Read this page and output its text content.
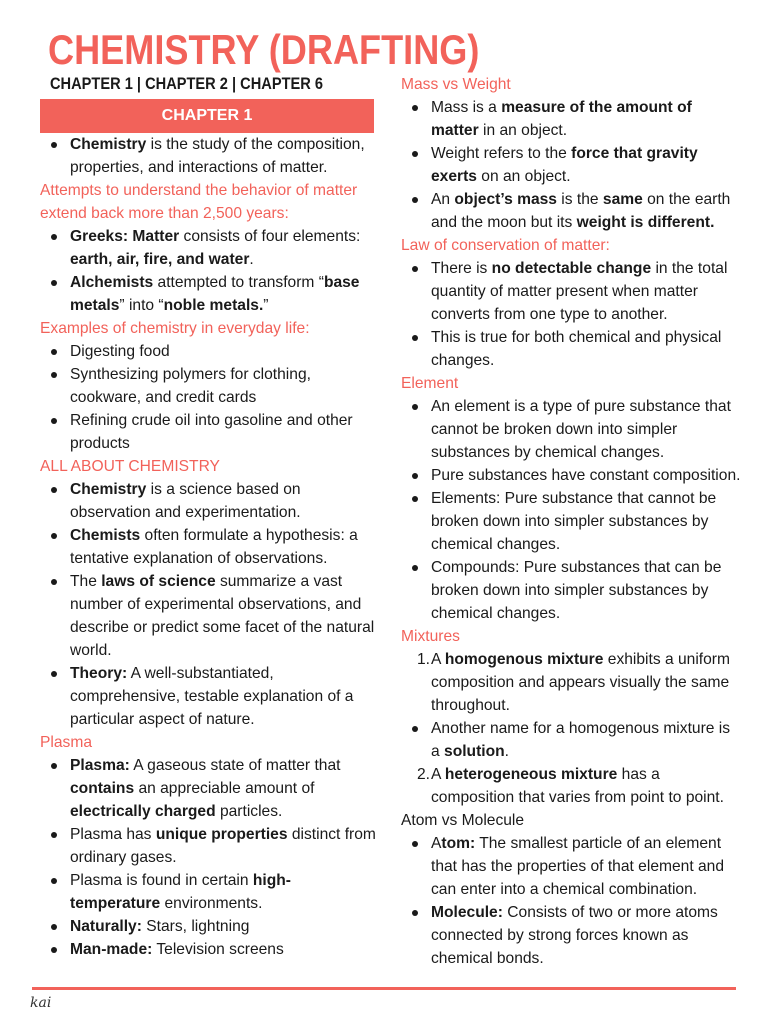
CHEMISTRY (DRAFTING)
CHAPTER 1 | CHAPTER 2 | CHAPTER 6
CHAPTER 1
Chemistry is the study of the composition, properties, and interactions of matter.

Attempts to understand the behavior of matter extend back more than 2,500 years:

Greeks: Matter consists of four elements: earth, air, fire, and water.
Alchemists attempted to transform “base metals” into “noble metals.”

Examples of chemistry in everyday life:

Digesting food
Synthesizing polymers for clothing, cookware, and credit cards
Refining crude oil into gasoline and other products

ALL ABOUT CHEMISTRY

Chemistry is a science based on observation and experimentation.
Chemists often formulate a hypothesis: a tentative explanation of observations.
The laws of science summarize a vast number of experimental observations, and describe or predict some facet of the natural world.
Theory: A well-substantiated, comprehensive, testable explanation of a particular aspect of nature.

Plasma

Plasma: A gaseous state of matter that contains an appreciable amount of electrically charged particles.
Plasma has unique properties distinct from ordinary gases.
Plasma is found in certain high-temperature environments.
Naturally: Stars, lightning
Man-made: Television screens

Mass vs Weight

Mass is a measure of the amount of matter in an object.
Weight refers to the force that gravity exerts on an object.
An object’s mass is the same on the earth and the moon but its weight is different.

Law of conservation of matter:

There is no detectable change in the total quantity of matter present when matter converts from one type to another.
This is true for both chemical and physical changes.

Element

An element is a type of pure substance that cannot be broken down into simpler substances by chemical changes.
Pure substances have constant composition.
Elements: Pure substance that cannot be broken down into simpler substances by chemical changes.
Compounds: Pure substances that can be broken down into simpler substances by chemical changes.

Mixtures

1. A homogenous mixture exhibits a uniform composition and appears visually the same throughout.
Another name for a homogenous mixture is a solution.
2. A heterogeneous mixture has a composition that varies from point to point.

Atom vs Molecule

Atom: The smallest particle of an element that has the properties of that element and can enter into a chemical combination.
Molecule: Consists of two or more atoms connected by strong forces known as chemical bonds.
kai
